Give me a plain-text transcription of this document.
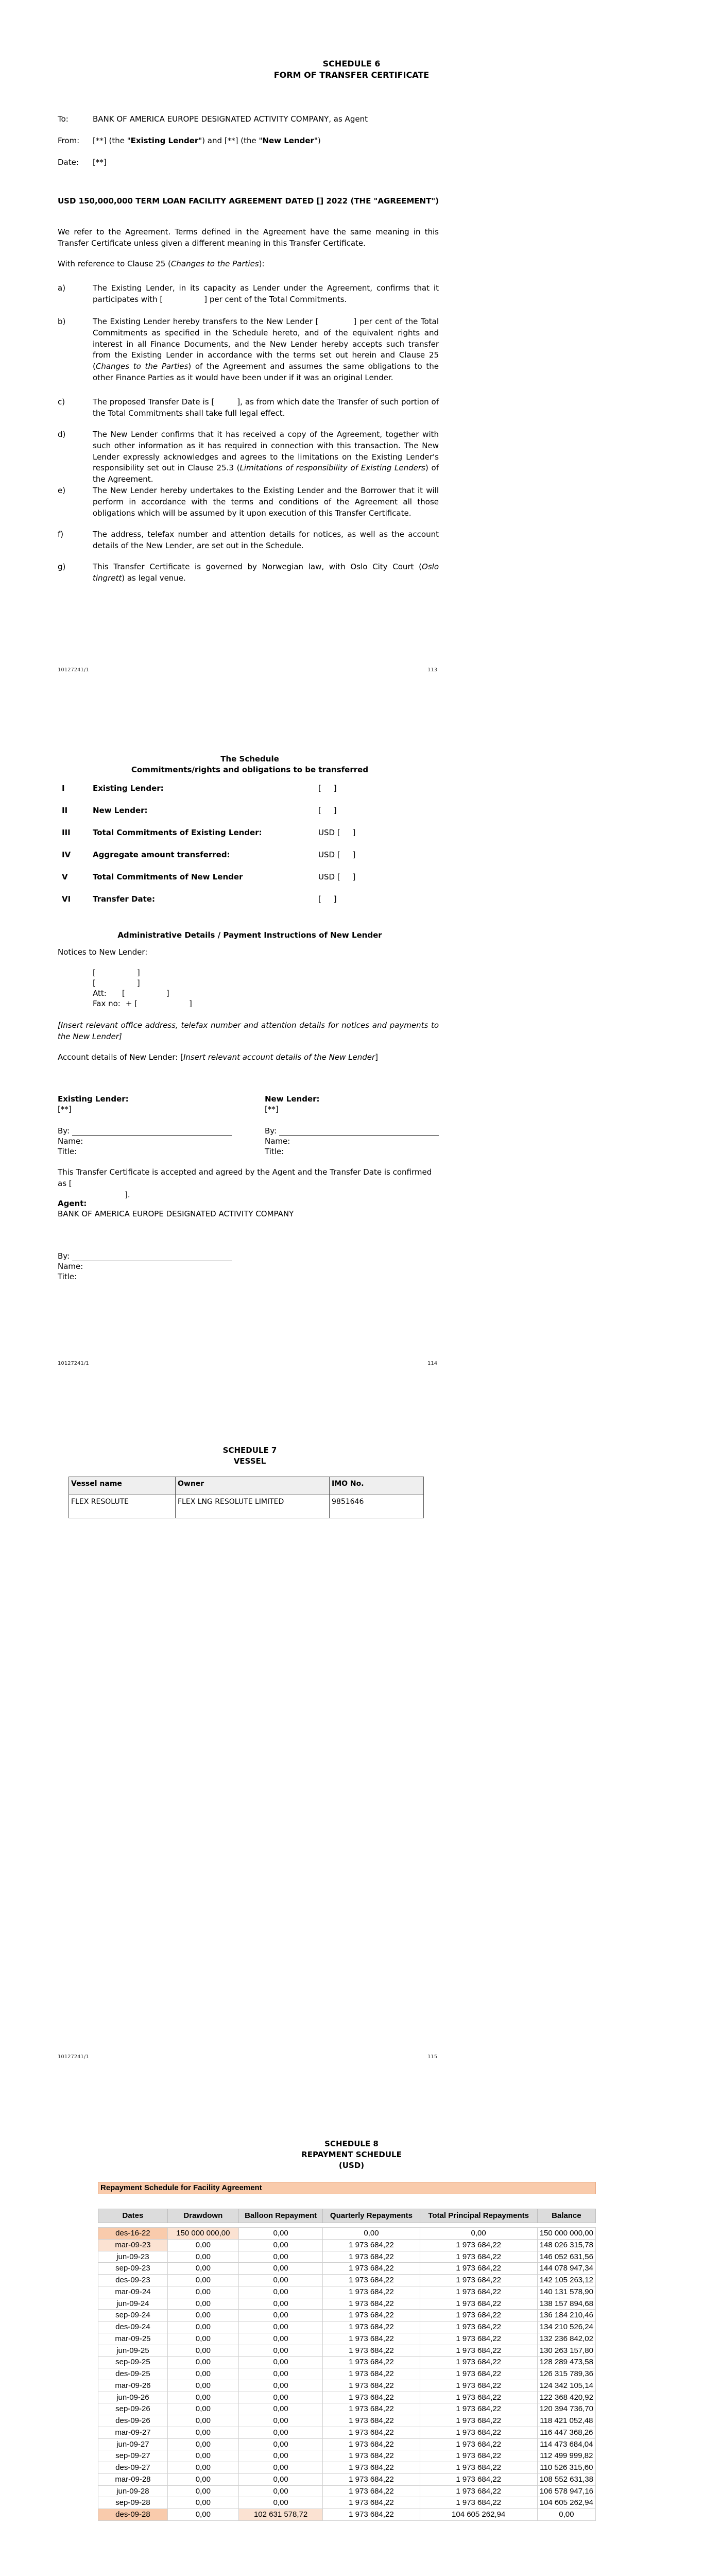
SCHEDULE 6
FORM OF TRANSFER CERTIFICATE
To:	BANK OF AMERICA EUROPE DESIGNATED ACTIVITY COMPANY, as Agent
From: [**] (the "Existing Lender") and [**] (the "New Lender")
Date: [**]
USD 150,000,000 TERM LOAN FACILITY AGREEMENT DATED [ ] 2022 (THE "AGREEMENT")
We refer to the Agreement. Terms defined in the Agreement have the same meaning in this Transfer Certificate unless given a different meaning in this Transfer Certificate.
With reference to Clause 25 (Changes to the Parties):
a)	The Existing Lender, in its capacity as Lender under the Agreement, confirms that it participates with [	] per cent of the Total Commitments.
b)	The Existing Lender hereby transfers to the New Lender [	] per cent of the Total Commitments as specified in the Schedule hereto, and of the equivalent rights and interest in all Finance Documents, and the New Lender hereby accepts such transfer from the Existing Lender in accordance with the terms set out herein and Clause 25 (Changes to the Parties) of the Agreement and assumes the same obligations to the other Finance Parties as it would have been under if it was an original Lender.
c)	The proposed Transfer Date is [	], as from which date the Transfer of such portion of the Total Commitments shall take full legal effect.
d)	The New Lender confirms that it has received a copy of the Agreement, together with such other information as it has required in connection with this transaction. The New Lender expressly acknowledges and agrees to the limitations on the Existing Lender's responsibility set out in Clause 25.3 (Limitations of responsibility of Existing Lenders) of the Agreement.
e)	The New Lender hereby undertakes to the Existing Lender and the Borrower that it will perform in accordance with the terms and conditions of the Agreement all those obligations which will be assumed by it upon execution of this Transfer Certificate.
f)	The address, telefax number and attention details for notices, as well as the account details of the New Lender, are set out in the Schedule.
g)	This Transfer Certificate is governed by Norwegian law, with Oslo City Court (Oslo tingrett) as legal venue.
10127241/1	113
The Schedule
Commitments/rights and obligations to be transferred
I	Existing Lender:	[     ]
II	New Lender:	[     ]
III	Total Commitments of Existing Lender:	USD [     ]
IV	Aggregate amount transferred:	USD [     ]
V	Total Commitments of New Lender	USD [     ]
VI	Transfer Date:	[     ]
Administrative Details / Payment Instructions of New Lender
Notices to New Lender:
[	]
[	]
Att: [	]
Fax no: + [	]
[Insert relevant office address, telefax number and attention details for notices and payments to the New Lender]
Account details of New Lender: [Insert relevant account details of the New Lender]
Existing Lender:
[**]
New Lender:
[**]
By:
Name:
Title:
By:
Name:
Title:
This Transfer Certificate is accepted and agreed by the Agent and the Transfer Date is confirmed as [
].
Agent:
BANK OF AMERICA EUROPE DESIGNATED ACTIVITY COMPANY
By:
Name:
Title:
10127241/1	114
SCHEDULE 7
VESSEL
Vessel name	Owner	IMO No.
FLEX RESOLUTE	FLEX LNG RESOLUTE LIMITED	9851646
10127241/1	115
SCHEDULE 8
REPAYMENT SCHEDULE
(USD)
Repayment Schedule for Facility Agreement					

Dates	Drawdown	Balloon Repayment	Quarterly Repayments	Total Principal Repayments	Balance

des-16-22	150 000 000,00	0,00	0,00	0,00	150 000 000,00
mar-09-23	0,00	0,00	1 973 684,22	1 973 684,22	148 026 315,78
jun-09-23	0,00	0,00	1 973 684,22	1 973 684,22	146 052 631,56
sep-09-23	0,00	0,00	1 973 684,22	1 973 684,22	144 078 947,34
des-09-23	0,00	0,00	1 973 684,22	1 973 684,22	142 105 263,12
mar-09-24	0,00	0,00	1 973 684,22	1 973 684,22	140 131 578,90
jun-09-24	0,00	0,00	1 973 684,22	1 973 684,22	138 157 894,68
sep-09-24	0,00	0,00	1 973 684,22	1 973 684,22	136 184 210,46
des-09-24	0,00	0,00	1 973 684,22	1 973 684,22	134 210 526,24
mar-09-25	0,00	0,00	1 973 684,22	1 973 684,22	132 236 842,02
jun-09-25	0,00	0,00	1 973 684,22	1 973 684,22	130 263 157,80
sep-09-25	0,00	0,00	1 973 684,22	1 973 684,22	128 289 473,58
des-09-25	0,00	0,00	1 973 684,22	1 973 684,22	126 315 789,36
mar-09-26	0,00	0,00	1 973 684,22	1 973 684,22	124 342 105,14
jun-09-26	0,00	0,00	1 973 684,22	1 973 684,22	122 368 420,92
sep-09-26	0,00	0,00	1 973 684,22	1 973 684,22	120 394 736,70
des-09-26	0,00	0,00	1 973 684,22	1 973 684,22	118 421 052,48
mar-09-27	0,00	0,00	1 973 684,22	1 973 684,22	116 447 368,26
jun-09-27	0,00	0,00	1 973 684,22	1 973 684,22	114 473 684,04
sep-09-27	0,00	0,00	1 973 684,22	1 973 684,22	112 499 999,82
des-09-27	0,00	0,00	1 973 684,22	1 973 684,22	110 526 315,60
mar-09-28	0,00	0,00	1 973 684,22	1 973 684,22	108 552 631,38
jun-09-28	0,00	0,00	1 973 684,22	1 973 684,22	106 578 947,16
sep-09-28	0,00	0,00	1 973 684,22	1 973 684,22	104 605 262,94
des-09-28	0,00	102 631 578,72	1 973 684,22	104 605 262,94	0,00
